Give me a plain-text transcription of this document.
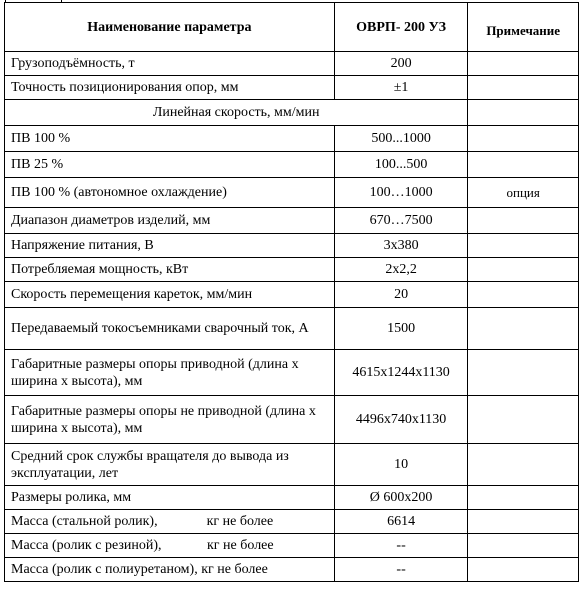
Наименование параметра	ОВРП- 200 УЗ	Примечание
Грузоподъёмность, т	200	
Точность позиционирования опор, мм	±1	
Линейная скорость, мм/мин		
ПВ 100 %	500...1000	
ПВ 25 %	100...500	
ПВ 100 % (автономное охлаждение)	100…1000	опция
Диапазон диаметров изделий, мм	670…7500	
Напряжение питания, В	3х380	
Потребляемая мощность, кВт	2х2,2	
Скорость перемещения кареток, мм/мин	20	
Передаваемый токосъемниками сварочный ток, А	1500	
Габаритные размеры опоры приводной (длина х ширина х высота), мм	4615х1244х1130	
Габаритные размеры опоры не приводной (длина х ширина х высота), мм	4496х740х1130	
Средний срок службы вращателя до вывода из эксплуатации, лет	10	
Размеры ролика, мм	Ø 600х200	
Масса (стальной ролик),              кг не более	6614	
Масса (ролик с резиной),             кг не более	--	
Масса (ролик с полиуретаном), кг не более	--	
